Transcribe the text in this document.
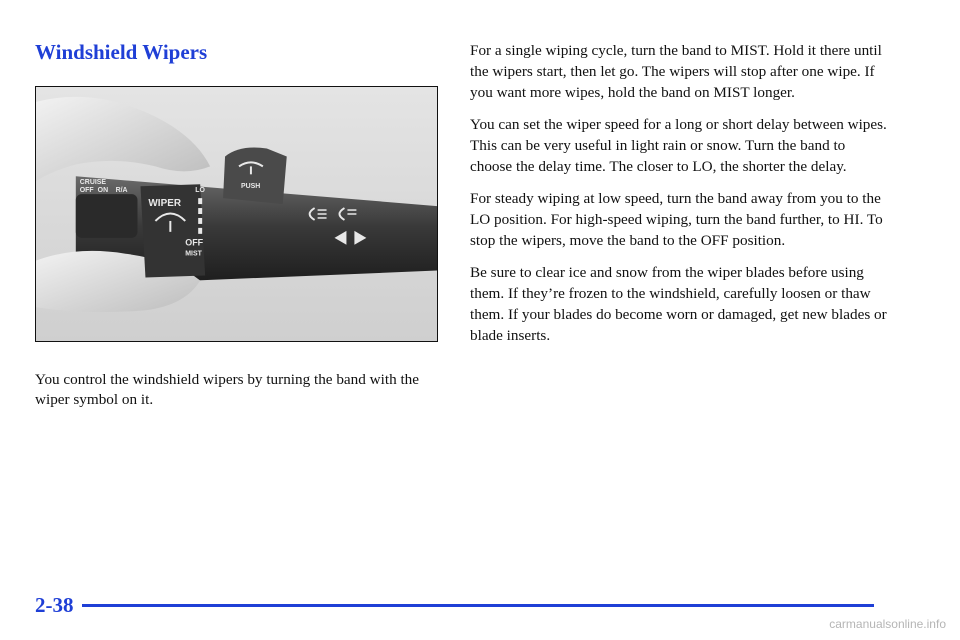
Windshield Wipers
CRUISE
OFF ON R/A
WIPER
LO
OFF
MIST
PUSH
You control the windshield wipers by turning the band with the wiper symbol on it.

For a single wiping cycle, turn the band to MIST. Hold it there until the wipers start, then let go. The wipers will stop after one wipe. If you want more wipes, hold the band on MIST longer.

You can set the wiper speed for a long or short delay between wipes. This can be very useful in light rain or snow. Turn the band to choose the delay time. The closer to LO, the shorter the delay.

For steady wiping at low speed, turn the band away from you to the LO position. For high-speed wiping, turn the band further, to HI. To stop the wipers, move the band to the OFF position.

Be sure to clear ice and snow from the wiper blades before using them. If they’re frozen to the windshield, carefully loosen or thaw them. If your blades do become worn or damaged, get new blades or blade inserts.

2-38
carmanualsonline.info
